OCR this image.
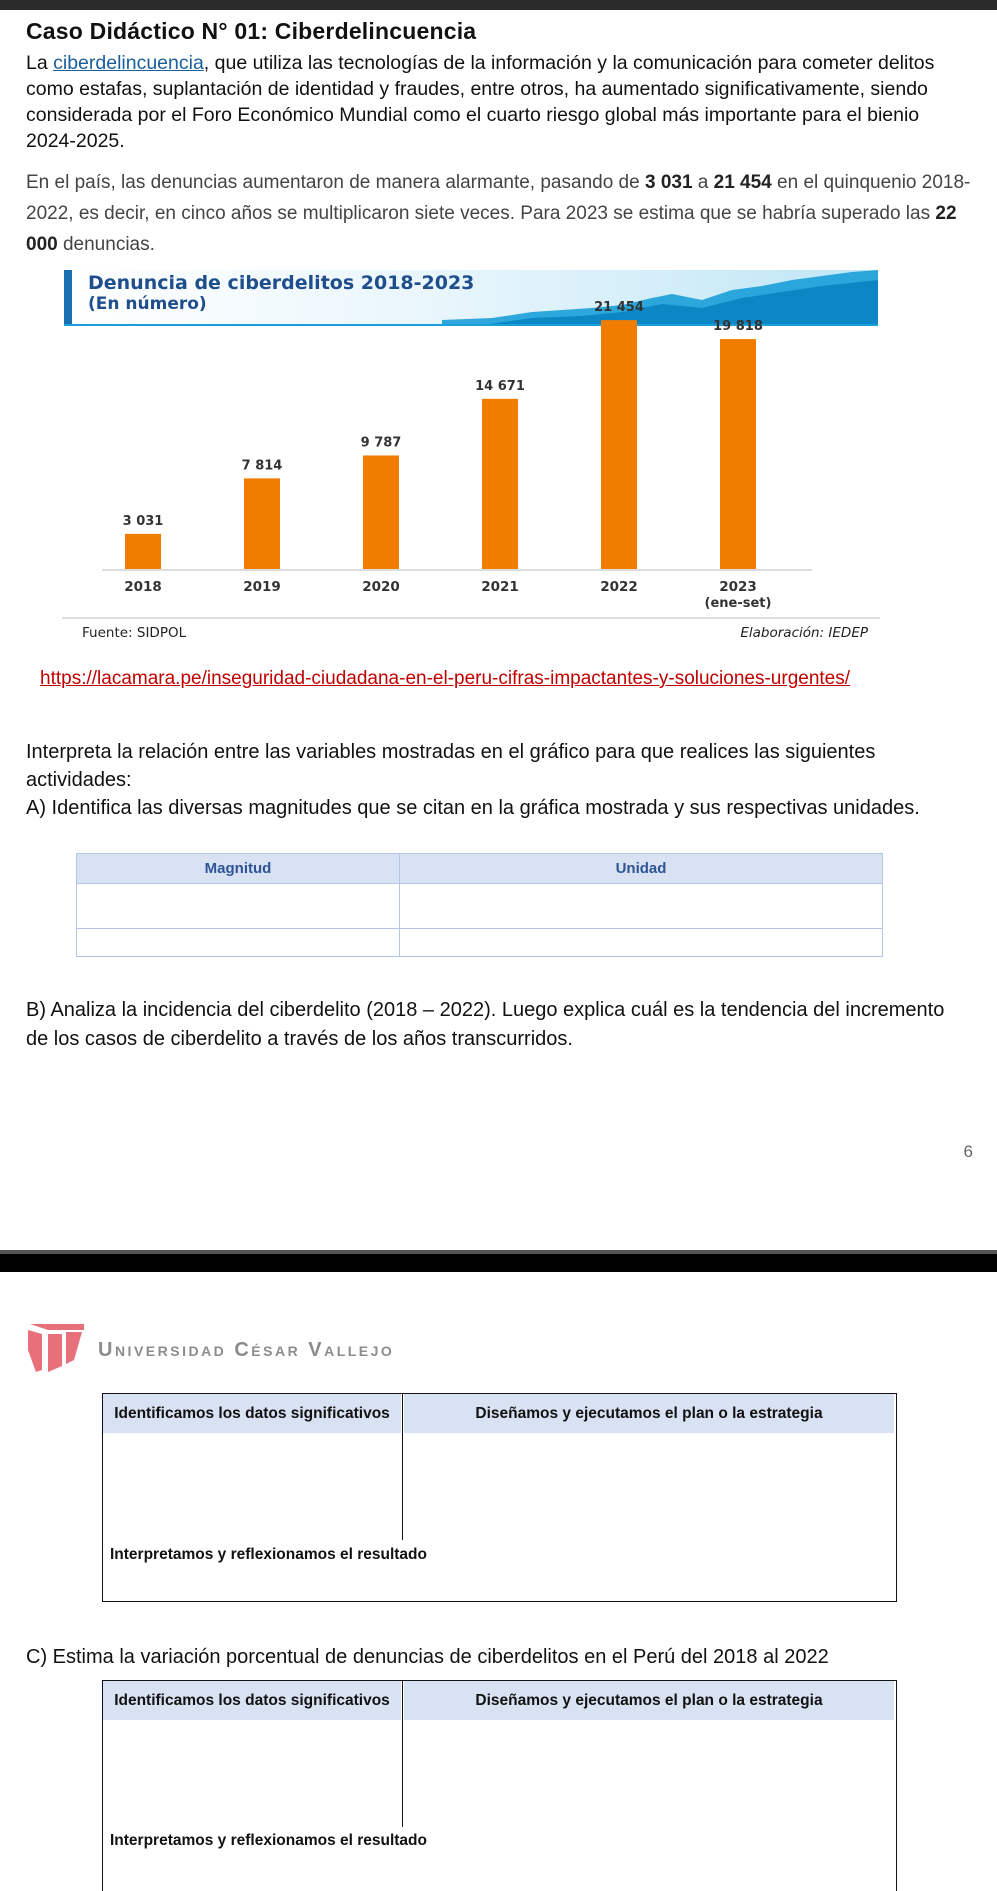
Caso Didáctico N° 01: Ciberdelincuencia
La ciberdelincuencia, que utiliza las tecnologías de la información y la comunicación para cometer delitos como estafas, suplantación de identidad y fraudes, entre otros, ha aumentado significativamente, siendo considerada por el Foro Económico Mundial como el cuarto riesgo global más importante para el bienio 2024-2025.
En el país, las denuncias aumentaron de manera alarmante, pasando de 3 031 a 21 454 en el quinquenio 2018-2022, es decir, en cinco años se multiplicaron siete veces. Para 2023 se estima que se habría superado las 22 000 denuncias.
Denuncia de ciberdelitos 2018-2023
(En número)
3 031
2018
7 814
2019
9 787
2020
14 671
2021
21 454
2022
19 818
2023
(ene-set)
Fuente: SIDPOL	Elaboración: IEDEP
https://lacamara.pe/inseguridad-ciudadana-en-el-peru-cifras-impactantes-y-soluciones-urgentes/
Interpreta la relación entre las variables mostradas en el gráfico para que realices las siguientes actividades:
A) Identifica las diversas magnitudes que se citan en la gráfica mostrada y sus respectivas unidades.
Magnitud	Unidad

B) Analiza la incidencia del ciberdelito (2018 – 2022). Luego explica cuál es la tendencia del incremento de los casos de ciberdelito a través de los años transcurridos.
6
Universidad César Vallejo
Identificamos los datos significativos	Diseñamos y ejecutamos el plan o la estrategia
Interpretamos y reflexionamos el resultado
C) Estima la variación porcentual de denuncias de ciberdelitos en el Perú del 2018 al 2022
Identificamos los datos significativos	Diseñamos y ejecutamos el plan o la estrategia
Interpretamos y reflexionamos el resultado
